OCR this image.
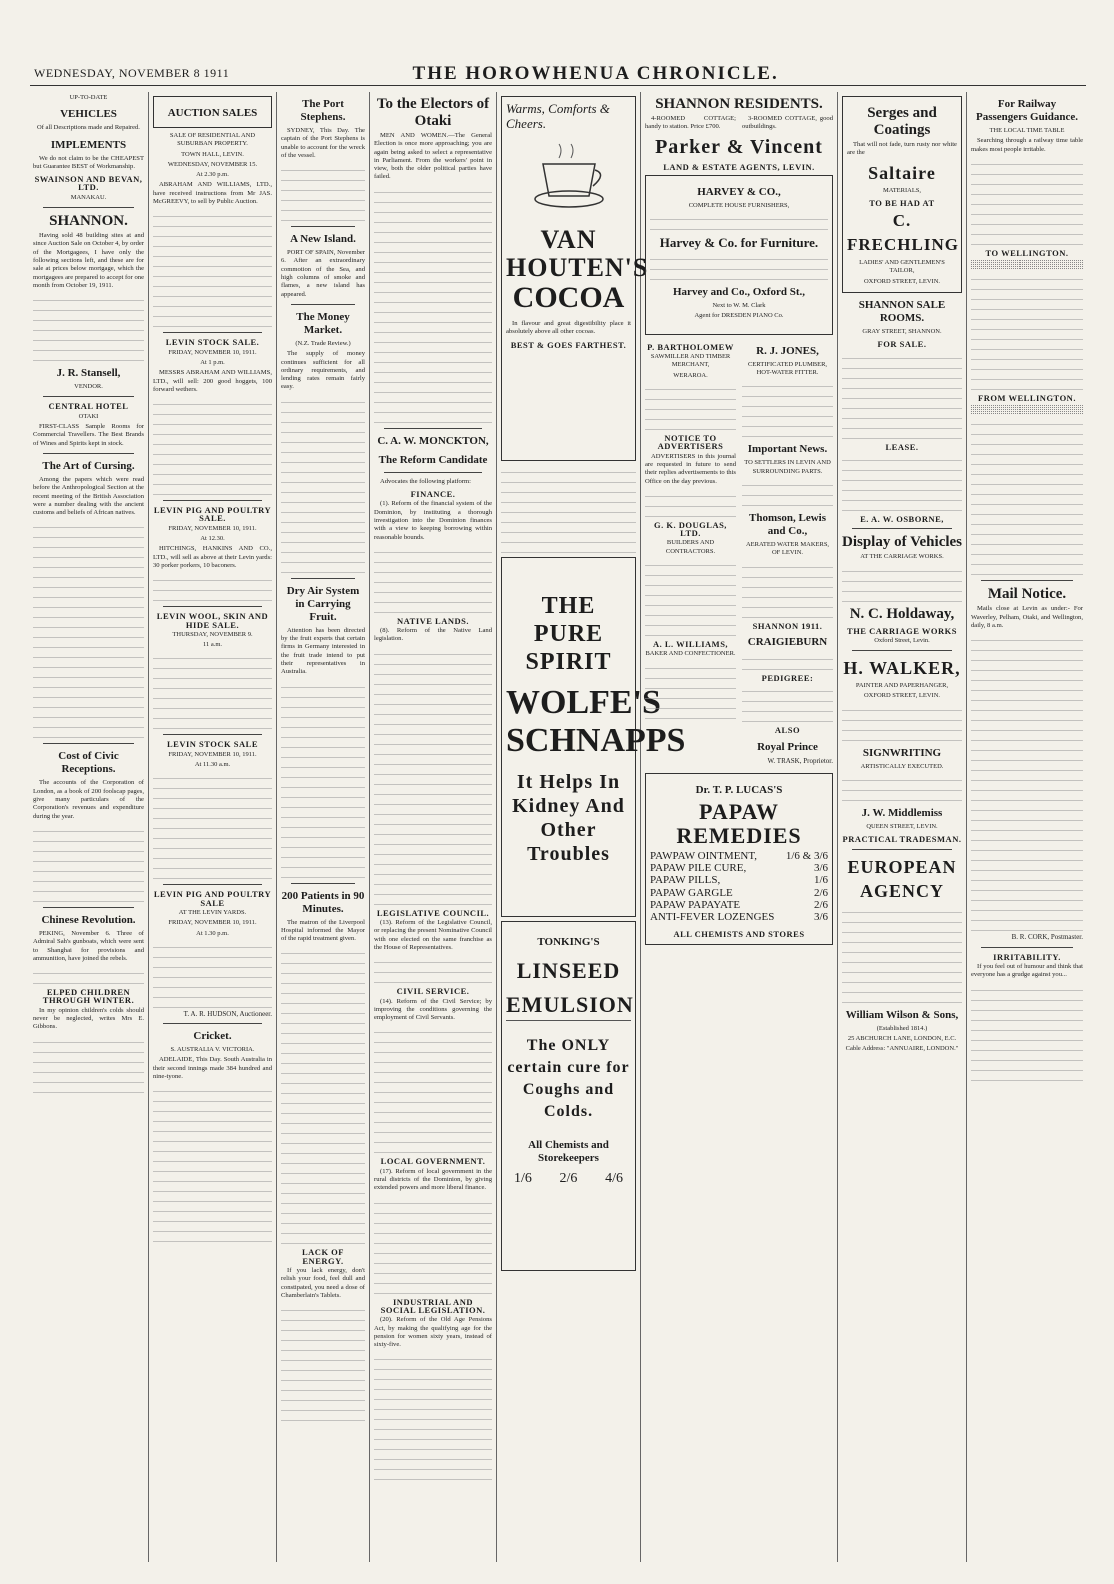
WEDNESDAY, NOVEMBER 8 1911	THE HOROWHENUA CHRONICLE.
UP-TO-DATE
VEHICLES
Of all Descriptions made and Repaired.
IMPLEMENTS

We do not claim to be the CHEAPEST but Guarantee BEST of Workmanship.

SWAINSON AND BEVAN, LTD.
MANAKAU.
SHANNON.

Having sold 48 building sites at and since Auction Sale on October 4, by order of the Mortgagees, I have only the following sections left, and these are for sale at prices below mortgage, which the mortgagees are prepared to accept for one month from October 19, 1911.

J. R. Stansell,
VENDOR.
CENTRAL HOTEL
OTAKI

FIRST-CLASS Sample Rooms for Commercial Travellers. The Best Brands of Wines and Spirits kept in stock.

The Art of Cursing.

Among the papers which were read before the Anthropological Section at the recent meeting of the British Association were a number dealing with the ancient customs and beliefs of African natives.

Cost of Civic Receptions.

The accounts of the Corporation of London, as a book of 200 foolscap pages, give many particulars of the Corporation's revenues and expenditure during the year.

Chinese Revolution.

PEKING, November 6. Three of Admiral Sah's gunboats, which were sent to Shanghai for provisions and ammunition, have joined the rebels.

ELPED CHILDREN THROUGH WINTER.

In my opinion children's colds should never be neglected, writes Mrs E. Gibbons.

AUCTION SALES
SALE OF RESIDENTIAL AND SUBURBAN PROPERTY.
TOWN HALL, LEVIN.
WEDNESDAY, NOVEMBER 15.
At 2.30 p.m.

ABRAHAM AND WILLIAMS, LTD., have received instructions from Mr JAS. McGREEVY, to sell by Public Auction.

LEVIN STOCK SALE.
FRIDAY, NOVEMBER 10, 1911.
At 1 p.m.

MESSRS ABRAHAM AND WILLIAMS, LTD., will sell: 200 good hoggets, 100 forward wethers.

LEVIN PIG AND POULTRY SALE.
FRIDAY, NOVEMBER 10, 1911.
At 12.30.

HITCHINGS, HANKINS AND CO., LTD., will sell as above at their Levin yards: 30 porker porkers, 10 baconers.

LEVIN WOOL, SKIN AND HIDE SALE.
THURSDAY, NOVEMBER 9.
11 a.m.
LEVIN STOCK SALE
FRIDAY, NOVEMBER 10, 1911.
At 11.30 a.m.
LEVIN PIG AND POULTRY SALE
AT THE LEVIN YARDS.
FRIDAY, NOVEMBER 10, 1911.
At 1.30 p.m.
T. A. R. HUDSON, Auctioneer.
Cricket.
S. AUSTRALIA V. VICTORIA.

ADELAIDE, This Day. South Australia in their second innings made 384 hundred and nine-tyone.

The Port Stephens.

SYDNEY, This Day. The captain of the Port Stephens is unable to account for the wreck of the vessel.

A New Island.

PORT OF SPAIN, November 6. After an extraordinary commotion of the Sea, and high columns of smoke and flames, a new island has appeared.

The Money Market.
(N.Z. Trade Review.)

The supply of money continues sufficient for all ordinary requirements, and lending rates remain fairly easy.

Dry Air System in Carrying Fruit.

Attention has been directed by the fruit experts that certain firms in Germany interested in the fruit trade intend to put their representatives in Australia.

200 Patients in 90 Minutes.

The matron of the Liverpool Hospital informed the Mayor of the rapid treatment given.

LACK OF ENERGY.

If you lack energy, don't relish your food, feel dull and constipated, you need a dose of Chamberlain's Tablets.

To the Electors of Otaki

MEN AND WOMEN.—The General Election is once more approaching; you are again being asked to select a representative in Parliament. From the workers' point in view, both the older political parties have failed.

C. A. W. MONCKTON,
The Reform Candidate

Advocates the following platform:

FINANCE.

(1). Reform of the financial system of the Dominion, by instituting a thorough investigation into the Dominion finances with a view to keeping borrowing within reasonable bounds.

NATIVE LANDS.

(8). Reform of the Native Land legislation.

LEGISLATIVE COUNCIL.

(13). Reform of the Legislative Council, or replacing the present Nominative Council with one elected on the same franchise as the House of Representatives.

CIVIL SERVICE.

(14). Reform of the Civil Service; by improving the conditions governing the employment of Civil Servants.

LOCAL GOVERNMENT.

(17). Reform of local government in the rural districts of the Dominion, by giving extended powers and more liberal finance.

INDUSTRIAL AND SOCIAL LEGISLATION.

(20). Reform of the Old Age Pensions Act, by making the qualifying age for the pension for women sixty years, instead of sixty-five.

Warms, Comforts & Cheers.
VAN HOUTEN'S
COCOA

In flavour and great digestibility place it absolutely above all other cocoas.

BEST & GOES FARTHEST.
THE PURE SPIRIT
WOLFE'S SCHNAPPS
It Helps In Kidney And Other Troubles
TONKING'S
LINSEED
EMULSION
The ONLY certain cure for Coughs and Colds.
All Chemists and Storekeepers
1/6 2/6 4/6
SHANNON RESIDENTS.

4-ROOMED COTTAGE; handy to station. Price £700.

3-ROOMED COTTAGE, good outbuildings.

Parker & Vincent
LAND & ESTATE AGENTS, LEVIN.
HARVEY & CO.,
COMPLETE HOUSE FURNISHERS,
Harvey & Co. for Furniture.
Harvey and Co., Oxford St.,
Next to W. M. Clark
Agent for DRESDEN PIANO Co.
P. BARTHOLOMEW
SAWMILLER AND TIMBER MERCHANT,
WERAROA.
NOTICE TO ADVERTISERS

ADVERTISERS in this journal are requested in future to send their replies advertisements to this Office on the day previous.

G. K. DOUGLAS, LTD.
BUILDERS AND CONTRACTORS.
A. L. WILLIAMS,
BAKER AND CONFECTIONER.
R. J. JONES,
CERTIFICATED PLUMBER, HOT-WATER FITTER.
Important News.
TO SETTLERS IN LEVIN AND SURROUNDING PARTS.
Thomson, Lewis and Co.,
AERATED WATER MAKERS, OF LEVIN.
SHANNON 1911.
CRAIGIEBURN
PEDIGREE:
ALSO
Royal Prince
W. TRASK, Proprietor.
Dr. T. P. LUCAS'S
PAPAW REMEDIES
PAWPAW OINTMENT,	1/6 & 3/6
PAPAW PILE CURE,	3/6
PAPAW PILLS,	1/6
PAPAW GARGLE	2/6
PAPAW PAPAYATE	2/6
ANTI-FEVER LOZENGES	3/6
ALL CHEMISTS AND STORES
Serges and Coatings

That will not fade, turn rusty nor white are the

Saltaire
MATERIALS,
TO BE HAD AT
C. FRECHLING
LADIES' AND GENTLEMEN'S TAILOR,
OXFORD STREET, LEVIN.
SHANNON SALE ROOMS.
GRAY STREET, SHANNON.
FOR SALE.
LEASE.
E. A. W. OSBORNE,
Display of Vehicles
AT THE CARRIAGE WORKS.
N. C. Holdaway,
THE CARRIAGE WORKS
Oxford Street, Levin.
H. WALKER,
PAINTER AND PAPERHANGER,
OXFORD STREET, LEVIN.
SIGNWRITING
ARTISTICALLY EXECUTED.
J. W. Middlemiss
QUEEN STREET, LEVIN.
PRACTICAL TRADESMAN.
EUROPEAN AGENCY
William Wilson & Sons,
(Established 1814.)
25 ABCHURCH LANE, LONDON, E.C.
Cable Address: "ANNUAIRE, LONDON."
For Railway Passengers Guidance.
THE LOCAL TIME TABLE

Searching through a railway time table makes most people irritable.

TO WELLINGTON.
FROM WELLINGTON.
Mail Notice.

Mails close at Levin as under:- For Waverley, Pelham, Otaki, and Wellington, daily, 8 a.m.

B. R. CORK, Postmaster.
IRRITABILITY.

If you feel out of humour and think that everyone has a grudge against you...
